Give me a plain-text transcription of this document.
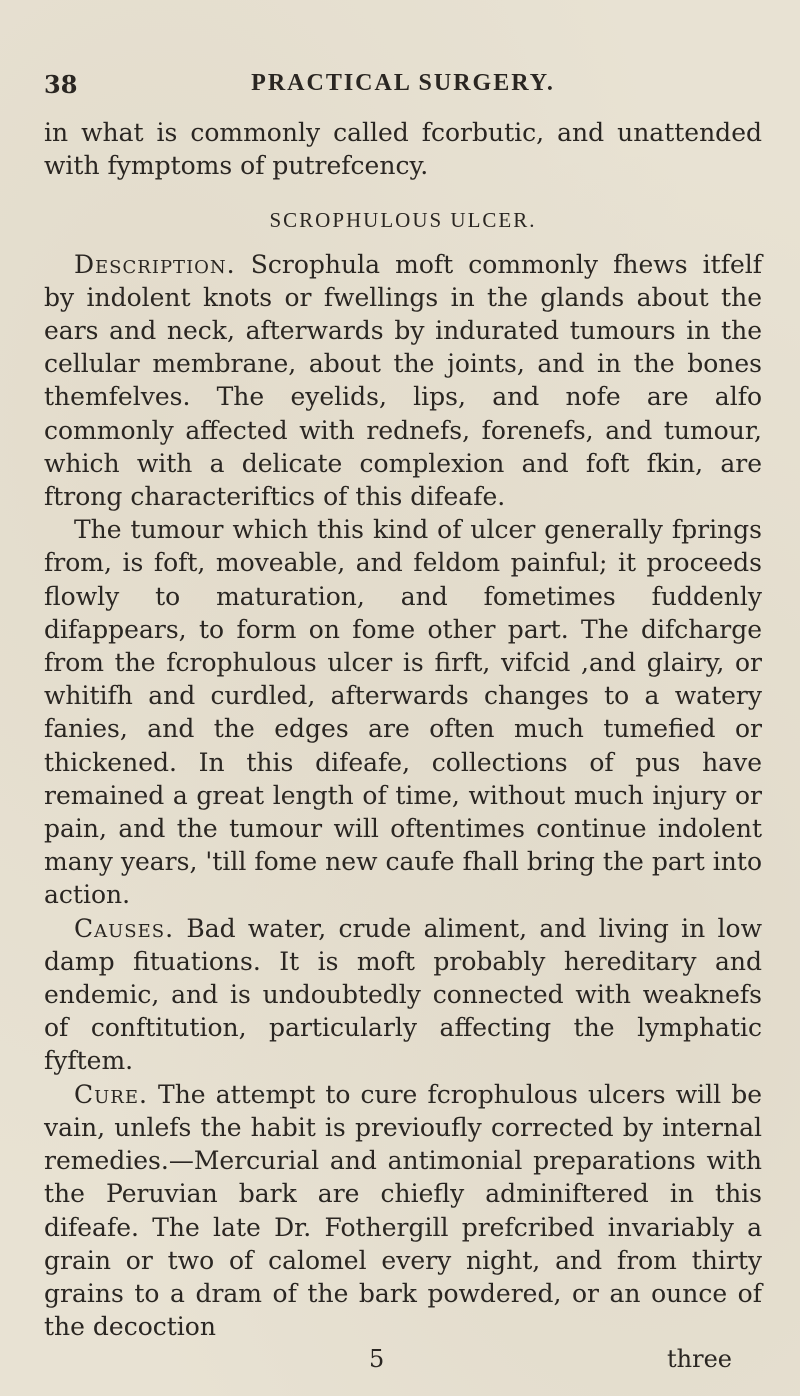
38	PRACTICAL SURGERY.

in what is commonly called fcorbutic, and unattended with fymptoms of putrefcency.

SCROPHULOUS ULCER.

Description. Scrophula moft commonly fhews itfelf by indolent knots or fwellings in the glands about the ears and neck, afterwards by indurated tumours in the cellular membrane, about the joints, and in the bones themfelves. The eyelids, lips, and nofe are alfo commonly affected with rednefs, forenefs, and tumour, which with a delicate complexion and foft fkin, are ftrong characteriftics of this difeafe.

The tumour which this kind of ulcer generally fprings from, is foft, moveable, and feldom painful; it proceeds flowly to maturation, and fometimes fuddenly difappears, to form on fome other part. The difcharge from the fcrophulous ulcer is firft, vifcid ,and glairy, or whitifh and curdled, afterwards changes to a watery fanies, and the edges are often much tumefied or thickened. In this difeafe, collections of pus have remained a great length of time, without much injury or pain, and the tumour will oftentimes continue indolent many years, 'till fome new caufe fhall bring the part into action.

Causes. Bad water, crude aliment, and living in low damp fituations. It is moft probably hereditary and endemic, and is undoubtedly connected with weaknefs of conftitution, particularly affecting the lymphatic fyftem.

Cure. The attempt to cure fcrophulous ulcers will be vain, unlefs the habit is previoufly corrected by internal remedies.—Mercurial and antimonial preparations with the Peruvian bark are chiefly adminiftered in this difeafe. The late Dr. Fothergill prefcribed invariably a grain or two of calomel every night, and from thirty grains to a dram of the bark powdered, or an ounce of the decoction

5	three
